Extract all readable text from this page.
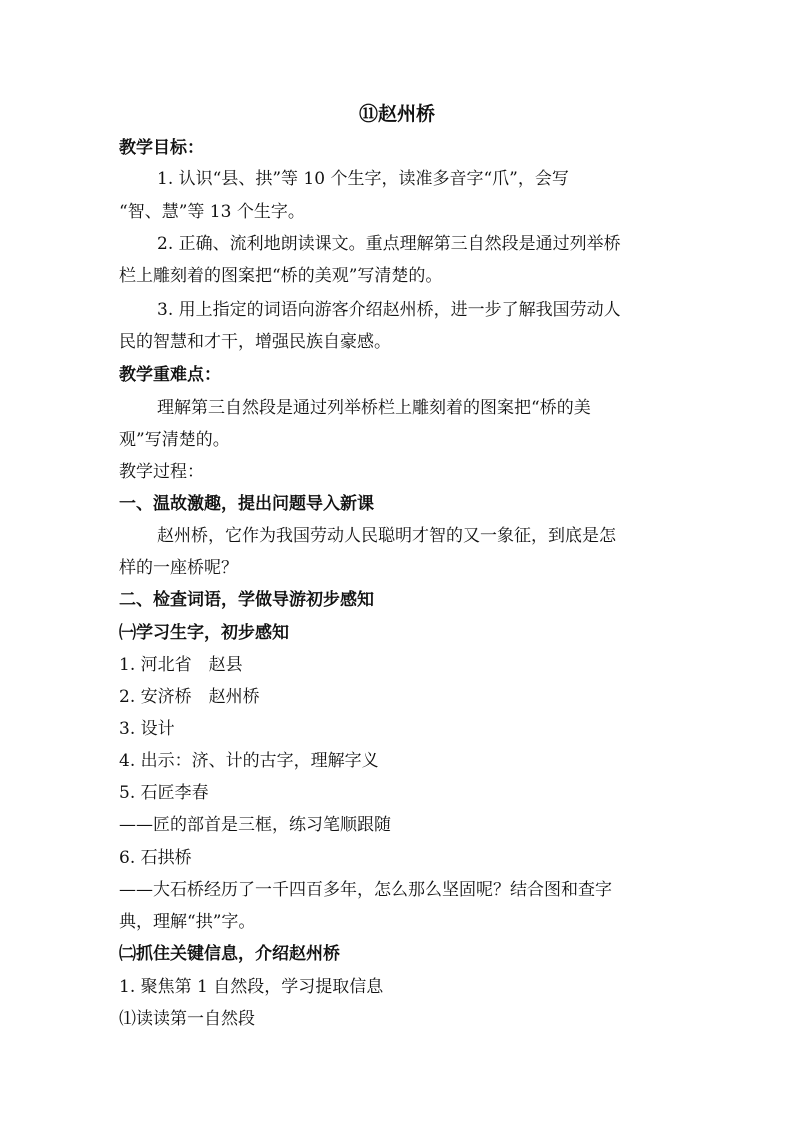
⑪赵州桥
教学目标：
1. 认识“县、拱”等 10 个生字，读准多音字“爪”，会写
“智、慧”等 13 个生字。
2. 正确、流利地朗读课文。重点理解第三自然段是通过列举桥
栏上雕刻着的图案把“桥的美观”写清楚的。
3. 用上指定的词语向游客介绍赵州桥，进一步了解我国劳动人
民的智慧和才干，增强民族自豪感。
教学重难点：
理解第三自然段是通过列举桥栏上雕刻着的图案把“桥的美
观”写清楚的。
教学过程：
一、温故激趣，提出问题导入新课
赵州桥，它作为我国劳动人民聪明才智的又一象征，到底是怎
样的一座桥呢？
二、检查词语，学做导游初步感知
㈠学习生字，初步感知
1. 河北省　赵县
2. 安济桥　赵州桥
3. 设计
4. 出示：济、计的古字，理解字义
5. 石匠李春
——匠的部首是三框，练习笔顺跟随
6. 石拱桥
——大石桥经历了一千四百多年，怎么那么坚固呢？结合图和查字
典，理解“拱”字。
㈡抓住关键信息，介绍赵州桥
1. 聚焦第 1 自然段，学习提取信息
⑴读读第一自然段
